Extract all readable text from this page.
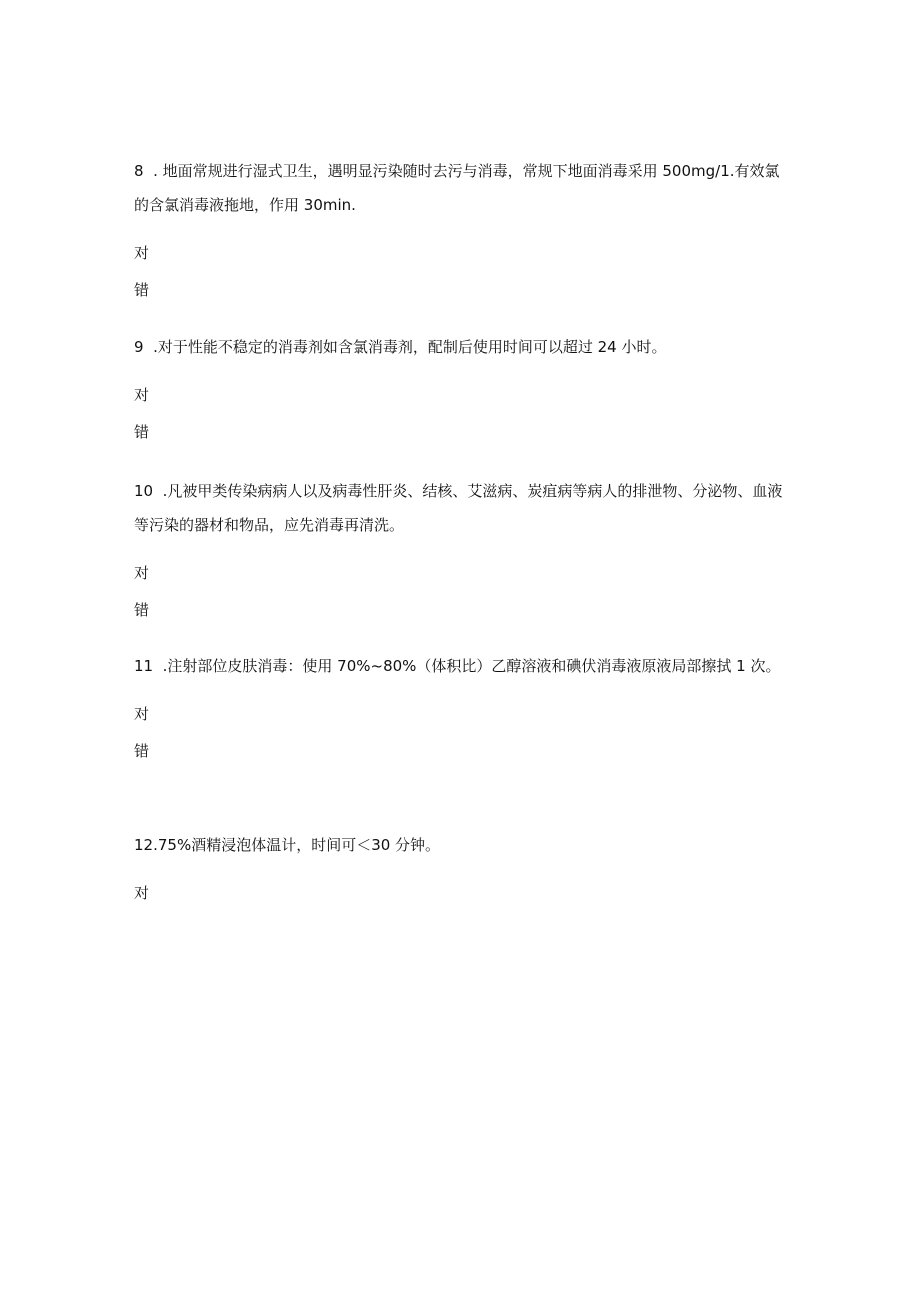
8  . 地面常规进行湿式卫生，遇明显污染随时去污与消毒，常规下地面消毒采用 500mg/1.有效氯的含氯消毒液拖地，作用 30min.

对

错

9  .对于性能不稳定的消毒剂如含氯消毒剂，配制后使用时间可以超过 24 小时。

对

错

10  .凡被甲类传染病病人以及病毒性肝炎、结核、艾滋病、炭疽病等病人的排泄物、分泌物、血液等污染的器材和物品，应先消毒再清洗。

对

错

11  .注射部位皮肤消毒：使用 70%~80%（体积比）乙醇溶液和碘伏消毒液原液局部擦拭 1 次。

对

错

12.75%酒精浸泡体温计，时间可＜30 分钟。

对
